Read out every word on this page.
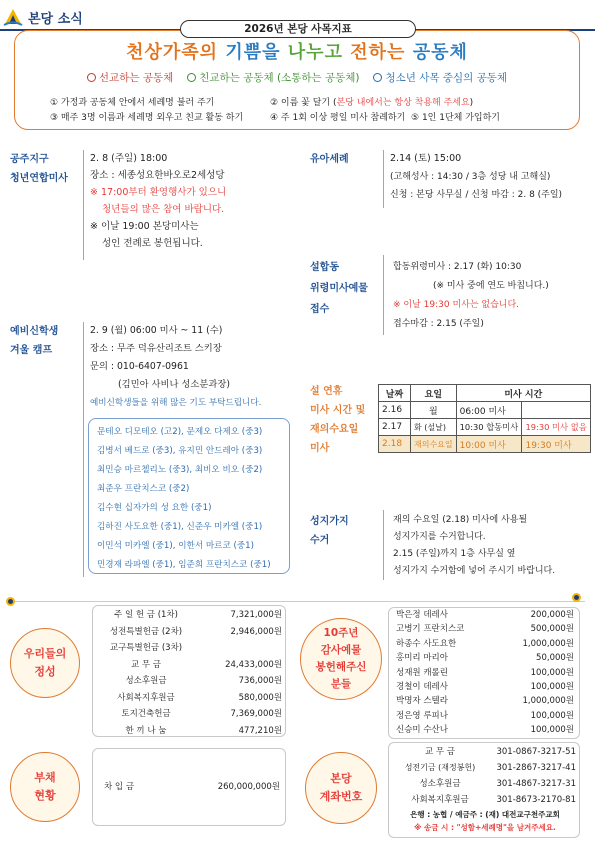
본당 소식
2026년 본당 사목지표
천상가족의 기쁨을 나누고 전하는 공동체
선교하는 공동체	친교하는 공동체 (소통하는 공동체)	청소년 사목 중심의 공동체
① 가정과 공동체 안에서 세례명 불러 주기	② 이름 꽃 달기 (본당 내에서는 항상 착용해 주세요)
③ 매주 3명 이름과 세례명 외우고 친교 활동 하기	④ 주 1회 이상 평일 미사 참례하기 ⑤ 1인 1단체 가입하기
공주지구
청년연합미사

2. 8 (주일) 18:00

장소 : 세종성요한바오로2세성당

※ 17:00부터 환영행사가 있으니

청년들의 많은 참여 바랍니다.

※ 이날 19:00 본당미사는

성인 전례로 봉헌됩니다.

유아세례	2.14 (토) 15:00

(고해성사 : 14:30 / 3층 성당 내 고해실)

신청 : 본당 사무실 / 신청 마감 : 2. 8 (주일)

설합동
위령미사예물
접수

합동위령미사 : 2.17 (화) 10:30

(※ 미사 중에 연도 바칩니다.)

※ 이날 19:30 미사는 없습니다.

접수마감 : 2.15 (주일)

예비신학생
겨울 캠프

2. 9 (월) 06:00 미사 ~ 11 (수)

장소 : 무주 덕유산리조트 스키장

문의 : 010-6407-0961

(김민아 사비나 성소분과장)

예비신학생들을 위해 많은 기도 부탁드립니다.

문테오 디모테오 (고2), 문제오 다제오 (중3)
김병서 베드로 (중3), 유지민 안드레아 (중3)
최민승 마르첼리노 (중3), 최비오 비오 (중2)
최준우 프란치스코 (중2)
김수현 십자가의 성 요한 (중1)
김하진 사도요한 (중1), 신준우 미카엘 (중1)
이민석 미카엘 (중1), 이한서 마르코 (중1)
민경재 라파엘 (중1), 임준희 프란치스코 (중1)
설 연휴
미사 시간 및
재의수요일
미사
날짜	요일	미사 시간	
2.16	월	06:00 미사	
2.17	화 (설날)	10:30 합동미사	19:30 미사 없음
2.18	재의수요일	10:00 미사	19:30 미사
성지가지
수거

재의 수요일 (2.18) 미사에 사용될

성지가지를 수거합니다.

2.15 (주일)까지 1층 사무실 옆

성지가지 수거함에 넣어 주시기 바랍니다.

우리들의
정성
주 일 헌 금 (1차)	7,321,000원
성전특별헌금 (2차)	2,946,000원
교구특별헌금 (3차)
교 무 금	24,433,000원
성소후원금	736,000원
사회복지후원금	580,000원
토지건축헌금	7,369,000원
한 끼 나 눔	477,210원
부채
현황
차 입 금	260,000,000원
10주년
감사예물
봉헌해주신
분들
박은정 데레사	200,000원
고병기 프란치스코	500,000원
하종수 사도요한	1,000,000원
홍미리 마리아	50,000원
성재원 캐롤린	100,000원
경철이 데레사	100,000원
박명자 스텔라	1,000,000원
정은영 루피나	100,000원
신승미 수산나	100,000원
본당
계좌번호
교 무 금	301-0867-3217-51
성전기금 (재정봉헌)	301-2867-3217-41
성소후원금	301-4867-3217-31
사회복지후원금	301-8673-2170-81
은행 : 농협 / 예금주 : (재) 대전교구천주교회
※ 송금 시 : "성함+세례명"을 남겨주세요.
